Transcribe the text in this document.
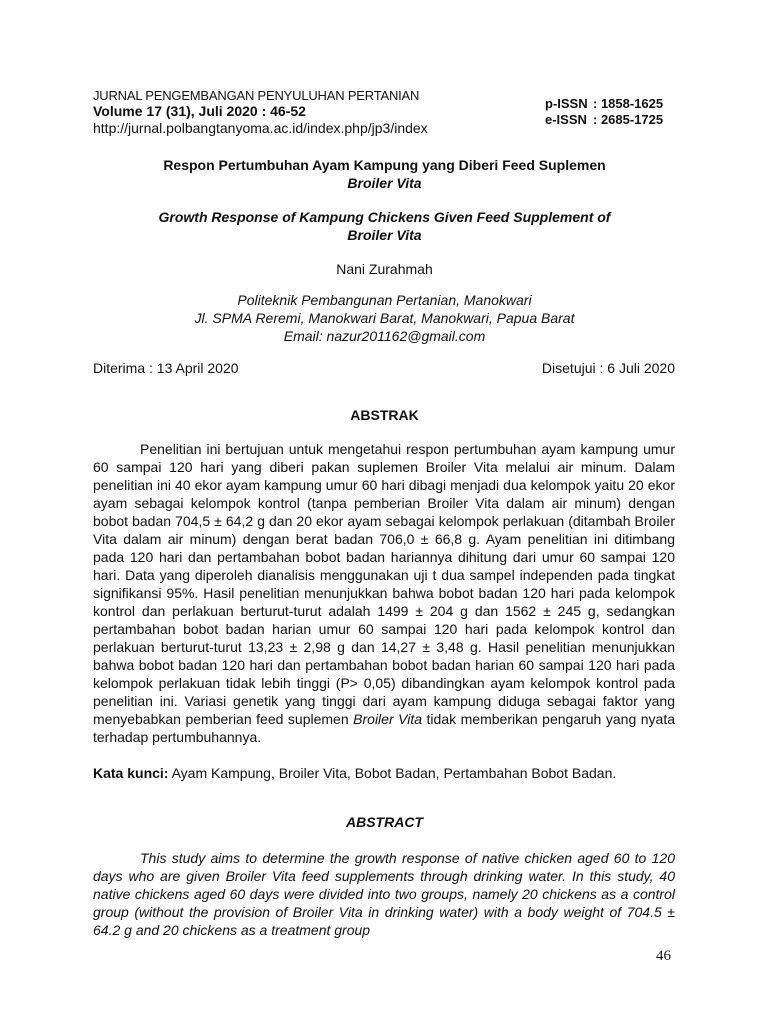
JURNAL PENGEMBANGAN PENYULUHAN PERTANIAN
Volume 17 (31), Juli 2020 : 46-52
http://jurnal.polbangtanyoma.ac.id/index.php/jp3/index
p-ISSN : 1858-1625
e-ISSN : 2685-1725
Respon Pertumbuhan Ayam Kampung yang Diberi Feed Suplemen
Broiler Vita
Growth Response of Kampung Chickens Given Feed Supplement of
Broiler Vita
Nani Zurahmah
Politeknik Pembangunan Pertanian, Manokwari
Jl. SPMA Reremi, Manokwari Barat, Manokwari, Papua Barat
Email: nazur201162@gmail.com
Diterima : 13 April 2020	Disetujui : 6 Juli 2020
ABSTRAK
Penelitian ini bertujuan untuk mengetahui respon pertumbuhan ayam kampung umur 60 sampai 120 hari yang diberi pakan suplemen Broiler Vita melalui air minum. Dalam penelitian ini 40 ekor ayam kampung umur 60 hari dibagi menjadi dua kelompok yaitu 20 ekor ayam sebagai kelompok kontrol (tanpa pemberian Broiler Vita dalam air minum) dengan bobot badan 704,5 ± 64,2 g dan 20 ekor ayam sebagai kelompok perlakuan (ditambah Broiler Vita dalam air minum) dengan berat badan 706,0 ± 66,8 g. Ayam penelitian ini ditimbang pada 120 hari dan pertambahan bobot badan hariannya dihitung dari umur 60 sampai 120 hari. Data yang diperoleh dianalisis menggunakan uji t dua sampel independen pada tingkat signifikansi 95%. Hasil penelitian menunjukkan bahwa bobot badan 120 hari pada kelompok kontrol dan perlakuan berturut-turut adalah 1499 ± 204 g dan 1562 ± 245 g, sedangkan pertambahan bobot badan harian umur 60 sampai 120 hari pada kelompok kontrol dan perlakuan berturut-turut 13,23 ± 2,98 g dan 14,27 ± 3,48 g. Hasil penelitian menunjukkan bahwa bobot badan 120 hari dan pertambahan bobot badan harian 60 sampai 120 hari pada kelompok perlakuan tidak lebih tinggi (P> 0,05) dibandingkan ayam kelompok kontrol pada penelitian ini. Variasi genetik yang tinggi dari ayam kampung diduga sebagai faktor yang menyebabkan pemberian feed suplemen Broiler Vita tidak memberikan pengaruh yang nyata terhadap pertumbuhannya.
Kata kunci: Ayam Kampung, Broiler Vita, Bobot Badan, Pertambahan Bobot Badan.
ABSTRACT
This study aims to determine the growth response of native chicken aged 60 to 120 days who are given Broiler Vita feed supplements through drinking water. In this study, 40 native chickens aged 60 days were divided into two groups, namely 20 chickens as a control group (without the provision of Broiler Vita in drinking water) with a body weight of 704.5 ± 64.2 g and 20 chickens as a treatment group
46
